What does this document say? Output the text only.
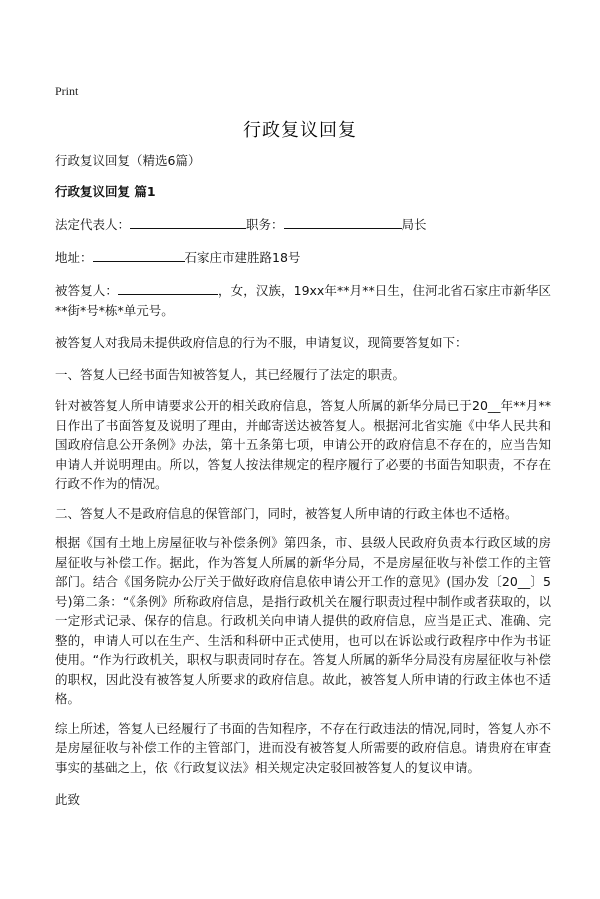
Print
行政复议回复

行政复议回复（精选6篇）

行政复议回复 篇1

法定代表人：	职务：	局长

地址：	石家庄市建胜路18号

被答复人：	，女，汉族，19xx年**月**日生，住河北省石家庄市新华区**街*号*栋*单元号。

被答复人对我局未提供政府信息的行为不服，申请复议，现简要答复如下：

一、答复人已经书面告知被答复人，其已经履行了法定的职责。

针对被答复人所申请要求公开的相关政府信息，答复人所属的新华分局已于20__年**月**日作出了书面答复及说明了理由，并邮寄送达被答复人。根据河北省实施《中华人民共和国政府信息公开条例》办法，第十五条第七项，申请公开的政府信息不存在的，应当告知申请人并说明理由。所以，答复人按法律规定的程序履行了必要的书面告知职责，不存在行政不作为的情况。

二、答复人不是政府信息的保管部门，同时，被答复人所申请的行政主体也不适格。

根据《国有土地上房屋征收与补偿条例》第四条，市、县级人民政府负责本行政区域的房屋征收与补偿工作。据此，作为答复人所属的新华分局，不是房屋征收与补偿工作的主管部门。结合《国务院办公厅关于做好政府信息依申请公开工作的意见》(国办发〔20__〕5号)第二条：“《条例》所称政府信息，是指行政机关在履行职责过程中制作或者获取的，以一定形式记录、保存的信息。行政机关向申请人提供的政府信息，应当是正式、准确、完整的，申请人可以在生产、生活和科研中正式使用，也可以在诉讼或行政程序中作为书证使用。“作为行政机关，职权与职责同时存在。答复人所属的新华分局没有房屋征收与补偿的职权，因此没有被答复人所要求的政府信息。故此，被答复人所申请的行政主体也不适格。

综上所述，答复人已经履行了书面的告知程序，不存在行政违法的情况,同时，答复人亦不是房屋征收与补偿工作的主管部门，进而没有被答复人所需要的政府信息。请贵府在审查事实的基础之上，依《行政复议法》相关规定决定驳回被答复人的复议申请。

此致
